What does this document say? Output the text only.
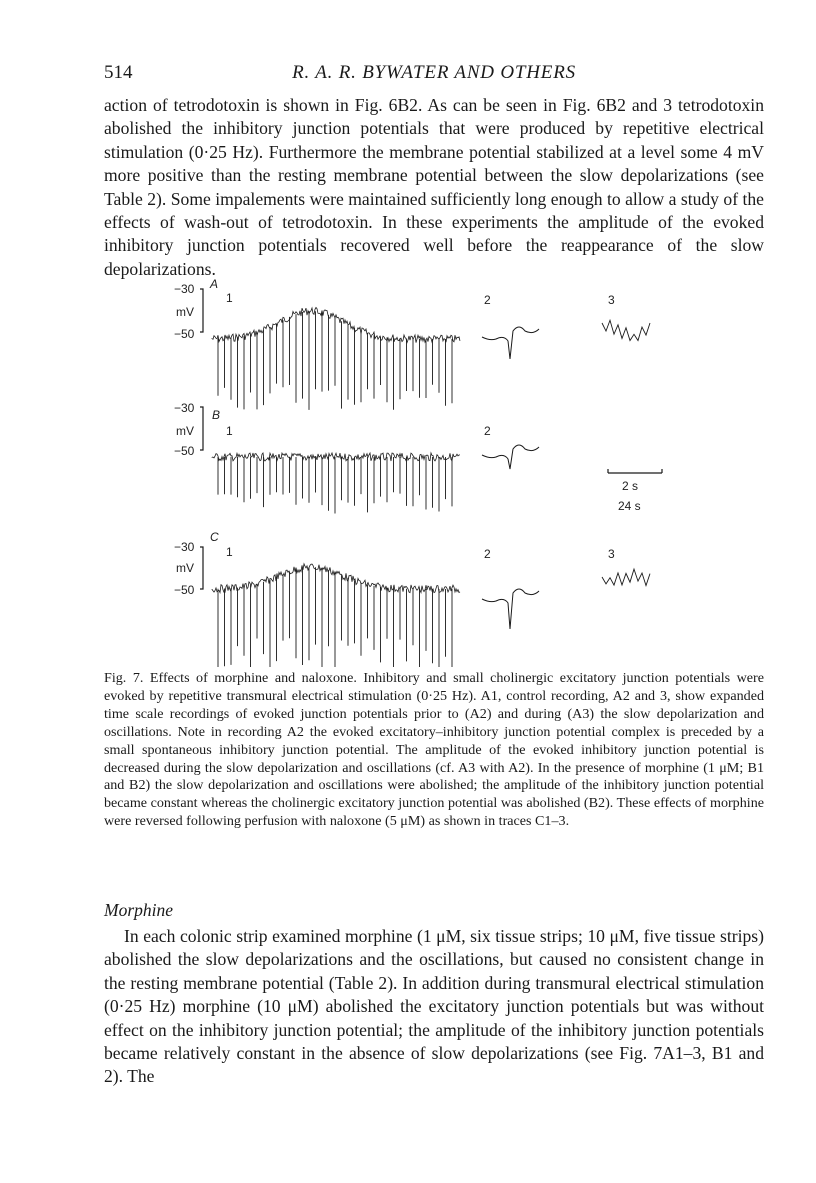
514	R. A. R. BYWATER AND OTHERS

action of tetrodotoxin is shown in Fig. 6B2. As can be seen in Fig. 6B2 and 3 tetrodotoxin abolished the inhibitory junction potentials that were produced by repetitive electrical stimulation (0·25 Hz). Furthermore the membrane potential stabilized at a level some 4 mV more positive than the resting membrane potential between the slow depolarizations (see Table 2). Some impalements were maintained sufficiently long enough to allow a study of the effects of wash-out of tetrodotoxin. In these experiments the amplitude of the evoked inhibitory junction potentials recovered well before the reappearance of the slow depolarizations.

−30
mV
−50
A
1	2	3
−30
mV
−50
B
1	2
2 s
24 s
−30
mV
−50
C
1	2	3
Fig. 7. Effects of morphine and naloxone. Inhibitory and small cholinergic excitatory junction potentials were evoked by repetitive transmural electrical stimulation (0·25 Hz). A1, control recording, A2 and 3, show expanded time scale recordings of evoked junction potentials prior to (A2) and during (A3) the slow depolarization and oscillations. Note in recording A2 the evoked excitatory–inhibitory junction potential complex is preceded by a small spontaneous inhibitory junction potential. The amplitude of the evoked inhibitory junction potential is decreased during the slow depolarization and oscillations (cf. A3 with A2). In the presence of morphine (1 μM; B1 and B2) the slow depolarization and oscillations were abolished; the amplitude of the inhibitory junction potential became constant whereas the cholinergic excitatory junction potential was abolished (B2). These effects of morphine were reversed following perfusion with naloxone (5 μM) as shown in traces C1–3.
Morphine

In each colonic strip examined morphine (1 μM, six tissue strips; 10 μM, five tissue strips) abolished the slow depolarizations and the oscillations, but caused no consistent change in the resting membrane potential (Table 2). In addition during transmural electrical stimulation (0·25 Hz) morphine (10 μM) abolished the excitatory junction potentials but was without effect on the inhibitory junction potential; the amplitude of the inhibitory junction potentials became relatively constant in the absence of slow depolarizations (see Fig. 7A1–3, B1 and 2). The
